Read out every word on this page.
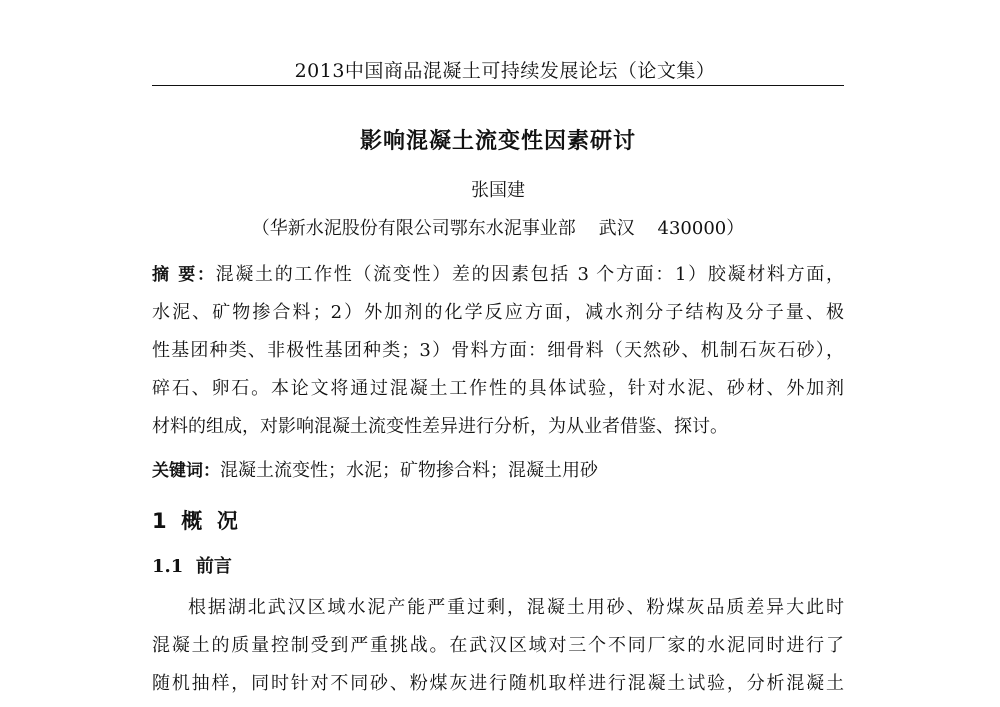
2013中国商品混凝土可持续发展论坛（论文集）
影响混凝土流变性因素研讨
张国建
（华新水泥股份有限公司鄂东水泥事业部    武汉    430000）
摘 要：混凝土的工作性（流变性）差的因素包括 3 个方面：1）胶凝材料方面，
水泥、矿物掺合料；2）外加剂的化学反应方面，减水剂分子结构及分子量、极
性基团种类、非极性基团种类；3）骨料方面：细骨料（天然砂、机制石灰石砂），
碎石、卵石。本论文将通过混凝土工作性的具体试验，针对水泥、砂材、外加剂
材料的组成，对影响混凝土流变性差异进行分析，为从业者借鉴、探讨。
关键词：混凝土流变性；水泥；矿物掺合料；混凝土用砂
1  概  况
1.1  前言
根据湖北武汉区域水泥产能严重过剩，混凝土用砂、粉煤灰品质差异大此时
混凝土的质量控制受到严重挑战。在武汉区域对三个不同厂家的水泥同时进行了
随机抽样，同时针对不同砂、粉煤灰进行随机取样进行混凝土试验，分析混凝土
